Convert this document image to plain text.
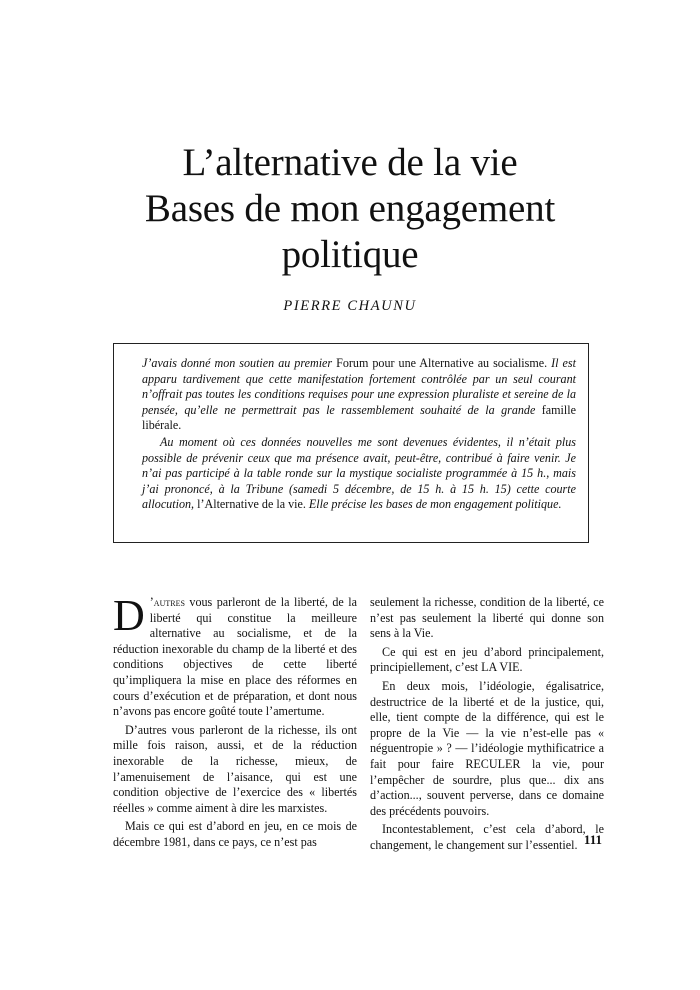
L’alternative de la vie
Bases de mon engagement
politique
PIERRE CHAUNU

J’avais donné mon soutien au premier Forum pour une Alternative au socialisme. Il est apparu tardivement que cette manifestation fortement contrôlée par un seul courant n’offrait pas toutes les conditions requises pour une expression pluraliste et sereine de la pensée, qu’elle ne permettrait pas le rassemblement souhaité de la grande famille libérale.

Au moment où ces données nouvelles me sont devenues évidentes, il n’était plus possible de prévenir ceux que ma présence avait, peut-être, contribué à faire venir. Je n’ai pas participé à la table ronde sur la mystique socialiste programmée à 15 h., mais j’ai prononcé, à la Tribune (samedi 5 décembre, de 15 h. à 15 h. 15) cette courte allocution, l’Alternative de la vie. Elle précise les bases de mon engagement politique.

D ’autres vous parleront de la liberté, de la liberté qui constitue la meilleure alternative au socialisme, et de la réduction inexorable du champ de la liberté et des conditions objectives de cette liberté qu’impliquera la mise en place des réformes en cours d’exécution et de préparation, et dont nous n’avons pas encore goûté toute l’amertume.

D’autres vous parleront de la richesse, ils ont mille fois raison, aussi, et de la réduction inexorable de la richesse, mieux, de l’amenuisement de l’aisance, qui est une condition objective de l’exercice des « libertés réelles » comme aiment à dire les marxistes.

Mais ce qui est d’abord en jeu, en ce mois de décembre 1981, dans ce pays, ce n’est pas

seulement la richesse, condition de la liberté, ce n’est pas seulement la liberté qui donne son sens à la Vie.

Ce qui est en jeu d’abord principalement, principiellement, c’est LA VIE.

En deux mois, l’idéologie, égalisatrice, destructrice de la liberté et de la justice, qui, elle, tient compte de la différence, qui est le propre de la Vie — la vie n’est-elle pas « néguentropie » ? — l’idéologie mythificatrice a fait pour faire RECULER la vie, pour l’empêcher de sourdre, plus que... dix ans d’action..., souvent perverse, dans ce domaine des précédents pouvoirs.

Incontestablement, c’est cela d’abord, le changement, le changement sur l’essentiel. 111
